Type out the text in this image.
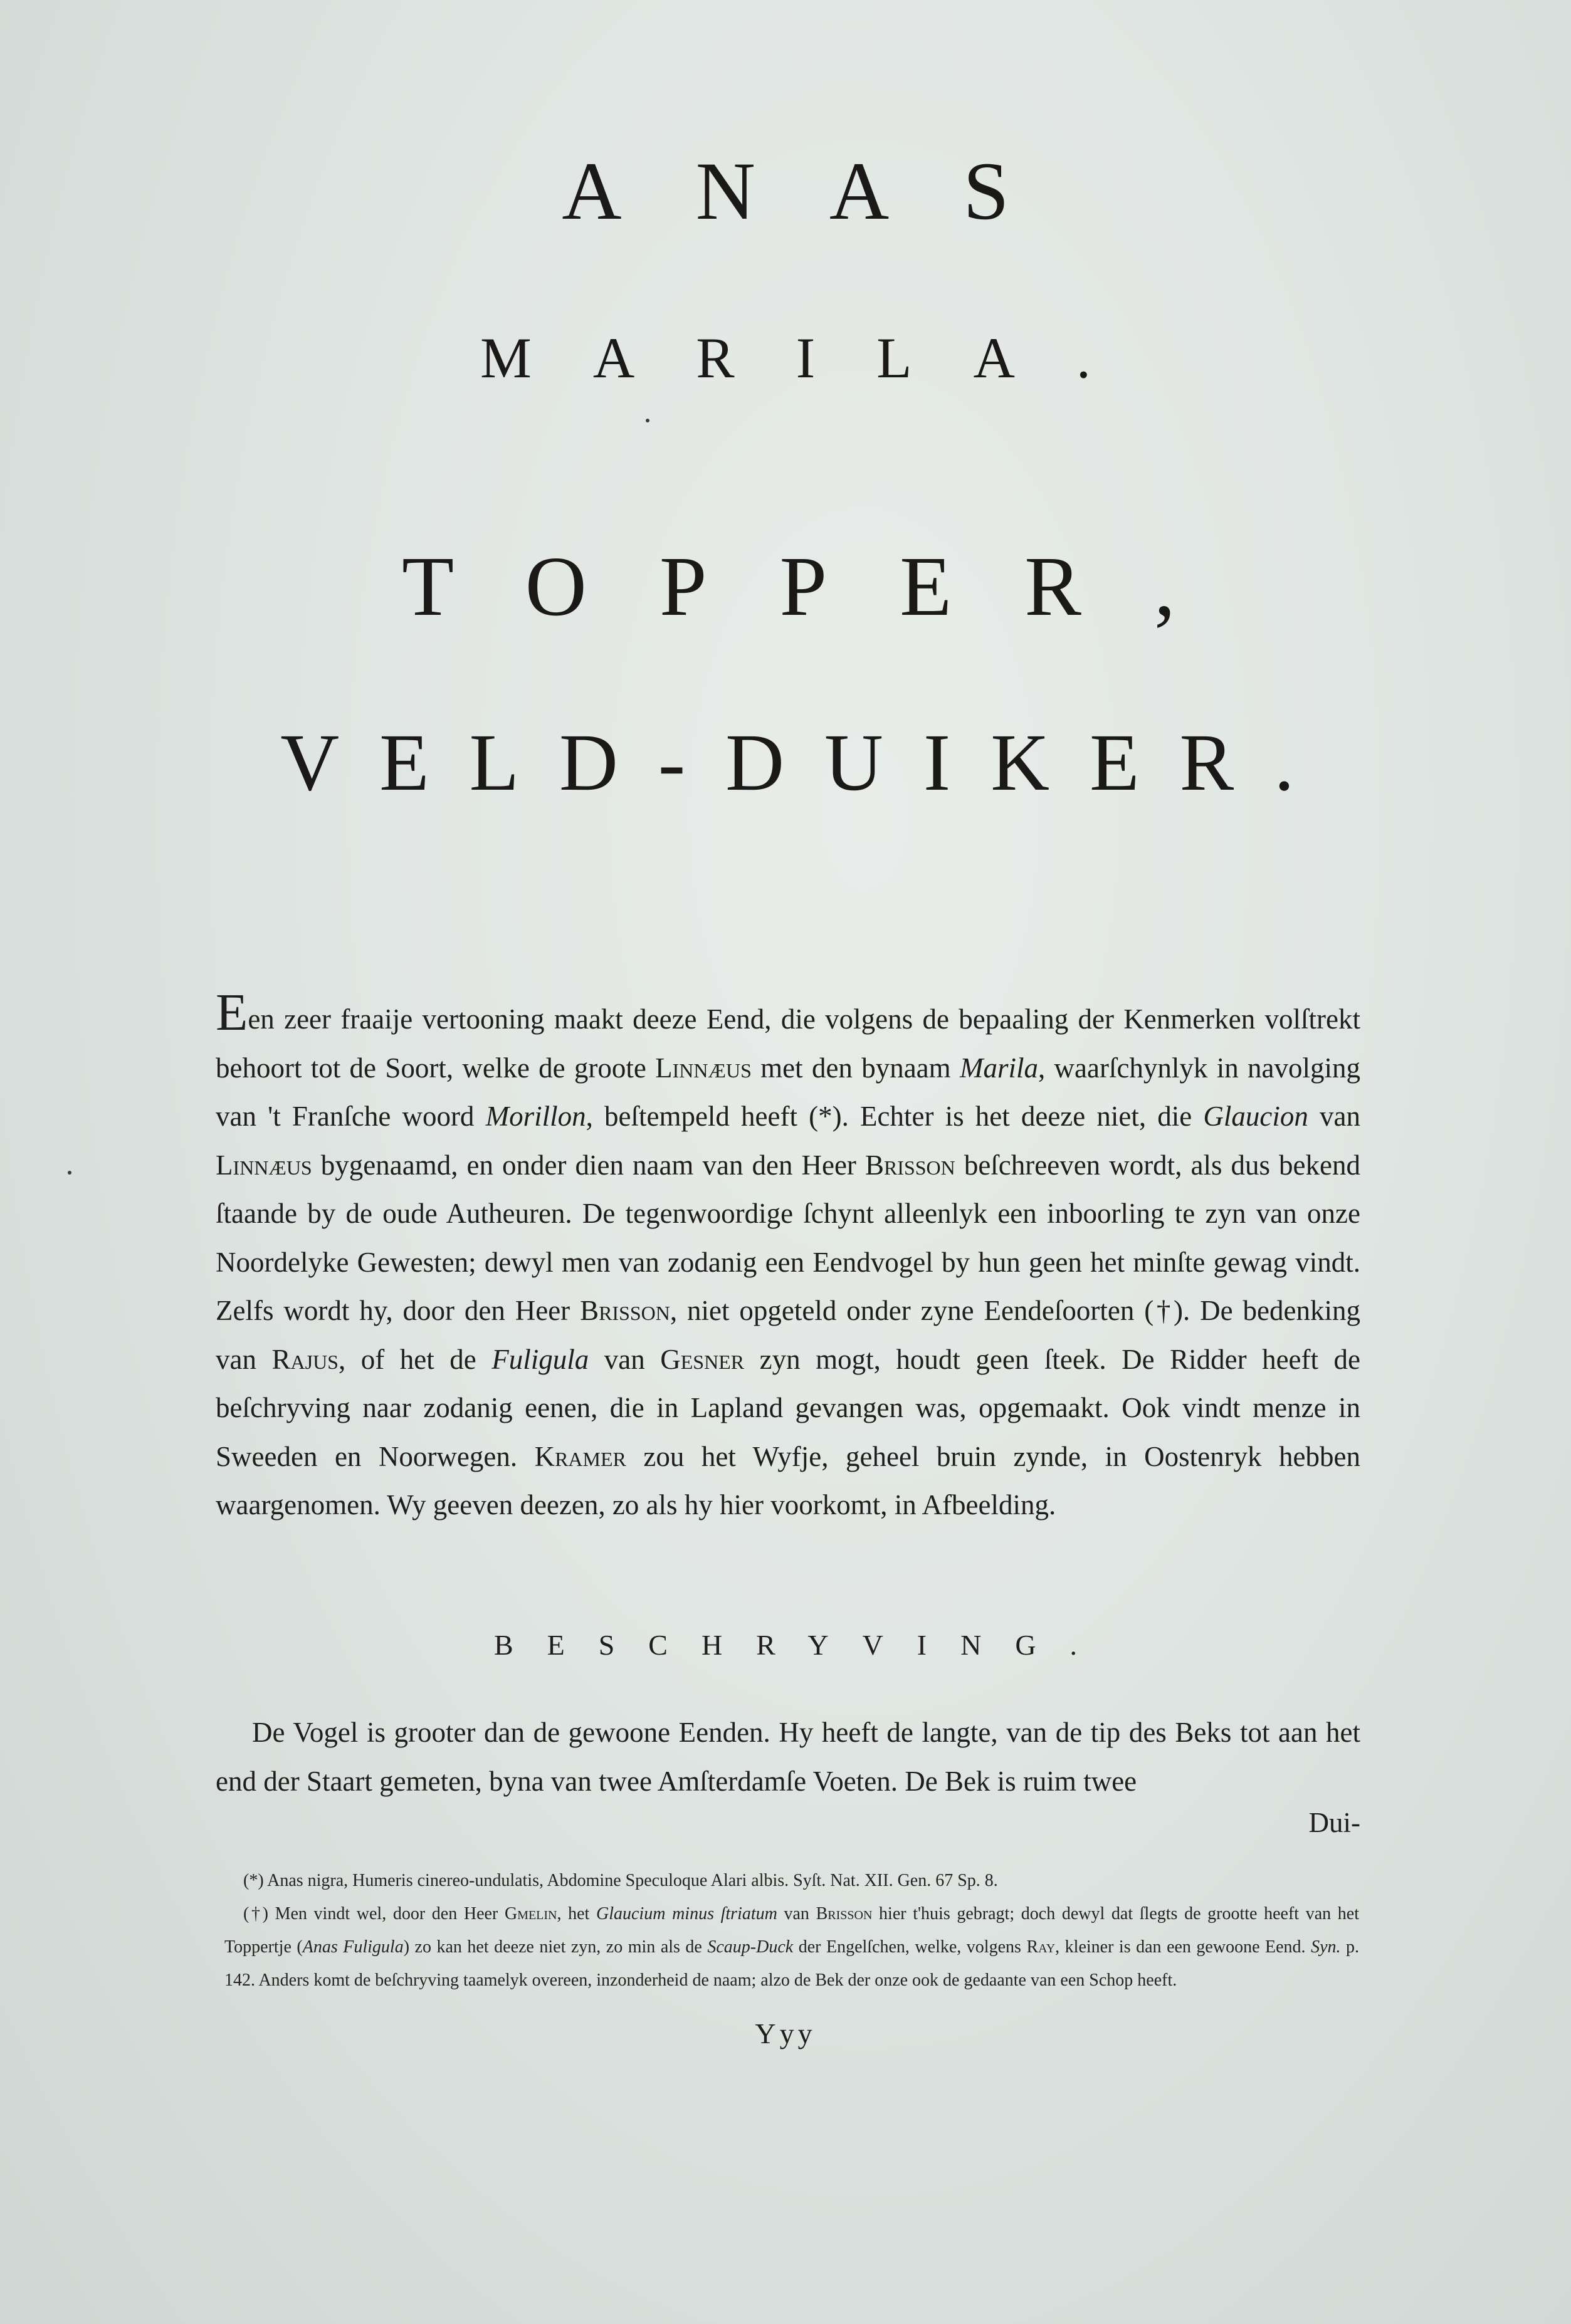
ANAS
MARILA.
TOPPER,
VELD-DUIKER.
Een zeer fraaije vertooning maakt deeze Eend, die volgens de bepaaling der Kenmerken volſtrekt behoort tot de Soort, welke de groote Linnæus met den bynaam Marila, waarſchynlyk in navolging van 't Franſche woord Morillon, beſtempeld heeft (*). Echter is het deeze niet, die Glaucion van Linnæus bygenaamd, en onder dien naam van den Heer Brisson beſchreeven wordt, als dus bekend ſtaande by de oude Autheuren. De tegenwoordige ſchynt alleenlyk een inboorling te zyn van onze Noordelyke Gewesten; dewyl men van zodanig een Eendvogel by hun geen het minſte gewag vindt. Zelfs wordt hy, door den Heer Brisson, niet opgeteld onder zyne Eendeſoorten (†). De bedenking van Rajus, of het de Fuligula van Gesner zyn mogt, houdt geen ſteek. De Ridder heeft de beſchryving naar zodanig eenen, die in Lapland gevangen was, opgemaakt. Ook vindt menze in Sweeden en Noorwegen. Kramer zou het Wyfje, geheel bruin zynde, in Oostenryk hebben waargenomen. Wy geeven deezen, zo als hy hier voorkomt, in Afbeelding.
BESCHRYVING.
De Vogel is grooter dan de gewoone Eenden. Hy heeft de langte, van de tip des Beks tot aan het end der Staart gemeten, byna van twee Amſterdamſe Voeten. De Bek is ruim twee
Dui-

(*) Anas nigra, Humeris cinereo-undulatis, Abdomine Speculoque Alari albis. Syſt. Nat. XII. Gen. 67 Sp. 8.

(†) Men vindt wel, door den Heer Gmelin, het Glaucium minus ſtriatum van Brisson hier t'huis gebragt; doch dewyl dat ſlegts de grootte heeft van het Toppertje (Anas Fuligula) zo kan het deeze niet zyn, zo min als de Scaup-Duck der Engelſchen, welke, volgens Ray, kleiner is dan een gewoone Eend. Syn. p. 142. Anders komt de beſchryving taamelyk overeen, inzonderheid de naam; alzo de Bek der onze ook de gedaante van een Schop heeft.

Yyy
